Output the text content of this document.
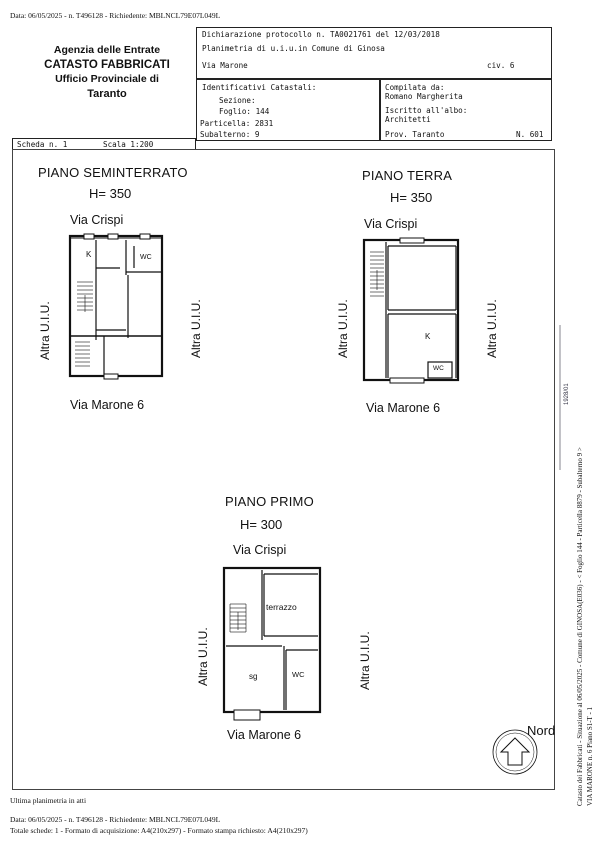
Data: 06/05/2025 - n. T496128 - Richiedente: MBLNCL79E07L049L
Agenzia delle Entrate
CATASTO FABBRICATI
Ufficio Provinciale di
Taranto
Dichiarazione protocollo n. TA0021761 del 12/03/2018
Planimetria di u.i.u.in Comune di Ginosa
Via Marone	civ. 6
Identificativi Catastali:
Sezione:
Foglio: 144
Particella: 2831
Subalterno: 9
Compilata da:
Romano Margherita
Iscritto all'albo:
Architetti
Prov. Taranto	N. 601
Scheda n. 1	Scala 1:200
PIANO SEMINTERRATO
H= 350
Via Crispi
Via Marone 6
Altra U.I.U.	Altra U.I.U.
K	WC
PIANO TERRA
H= 350
Via Crispi
Via Marone 6
Altra U.I.U.	Altra U.I.U.
K
WC
PIANO PRIMO
H= 300
Via Crispi
Via Marone 6
Altra U.I.U.	Altra U.I.U.
terrazzo
sg	WC
Nord	Catasto dei Fabbricati - Situazione al 06/05/2025 - Comune di GINOSA(E036) - < Foglio 144 - Particella 8879 - Subalterno 9 > VIA MARONE n. 6 Piano S1-T - 1
1928/01
Ultima planimetria in atti
Data: 06/05/2025 - n. T496128 - Richiedente: MBLNCL79E07L049L
Totale schede: 1 - Formato di acquisizione: A4(210x297) - Formato stampa richiesto: A4(210x297)
